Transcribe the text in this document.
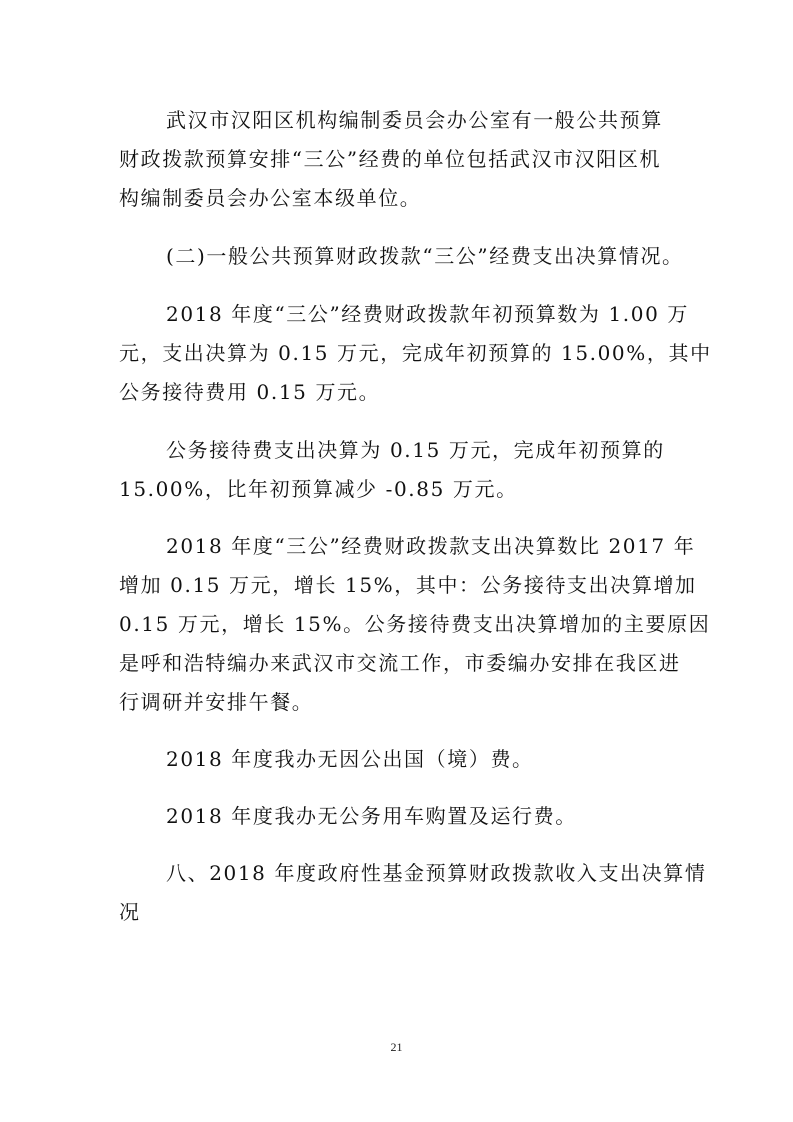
武汉市汉阳区机构编制委员会办公室有一般公共预算
财政拨款预算安排“三公”经费的单位包括武汉市汉阳区机
构编制委员会办公室本级单位。
(二)一般公共预算财政拨款“三公”经费支出决算情况。
2018 年度“三公”经费财政拨款年初预算数为 1.00 万
元，支出决算为 0.15 万元，完成年初预算的 15.00%，其中
公务接待费用 0.15 万元。
公务接待费支出决算为 0.15 万元，完成年初预算的
15.00%，比年初预算减少 -0.85 万元。
2018 年度“三公”经费财政拨款支出决算数比 2017 年
增加 0.15 万元，增长 15%，其中：公务接待支出决算增加
0.15 万元，增长 15%。公务接待费支出决算增加的主要原因
是呼和浩特编办来武汉市交流工作，市委编办安排在我区进
行调研并安排午餐。
2018 年度我办无因公出国（境）费。
2018 年度我办无公务用车购置及运行费。
八、2018 年度政府性基金预算财政拨款收入支出决算情
况
21
